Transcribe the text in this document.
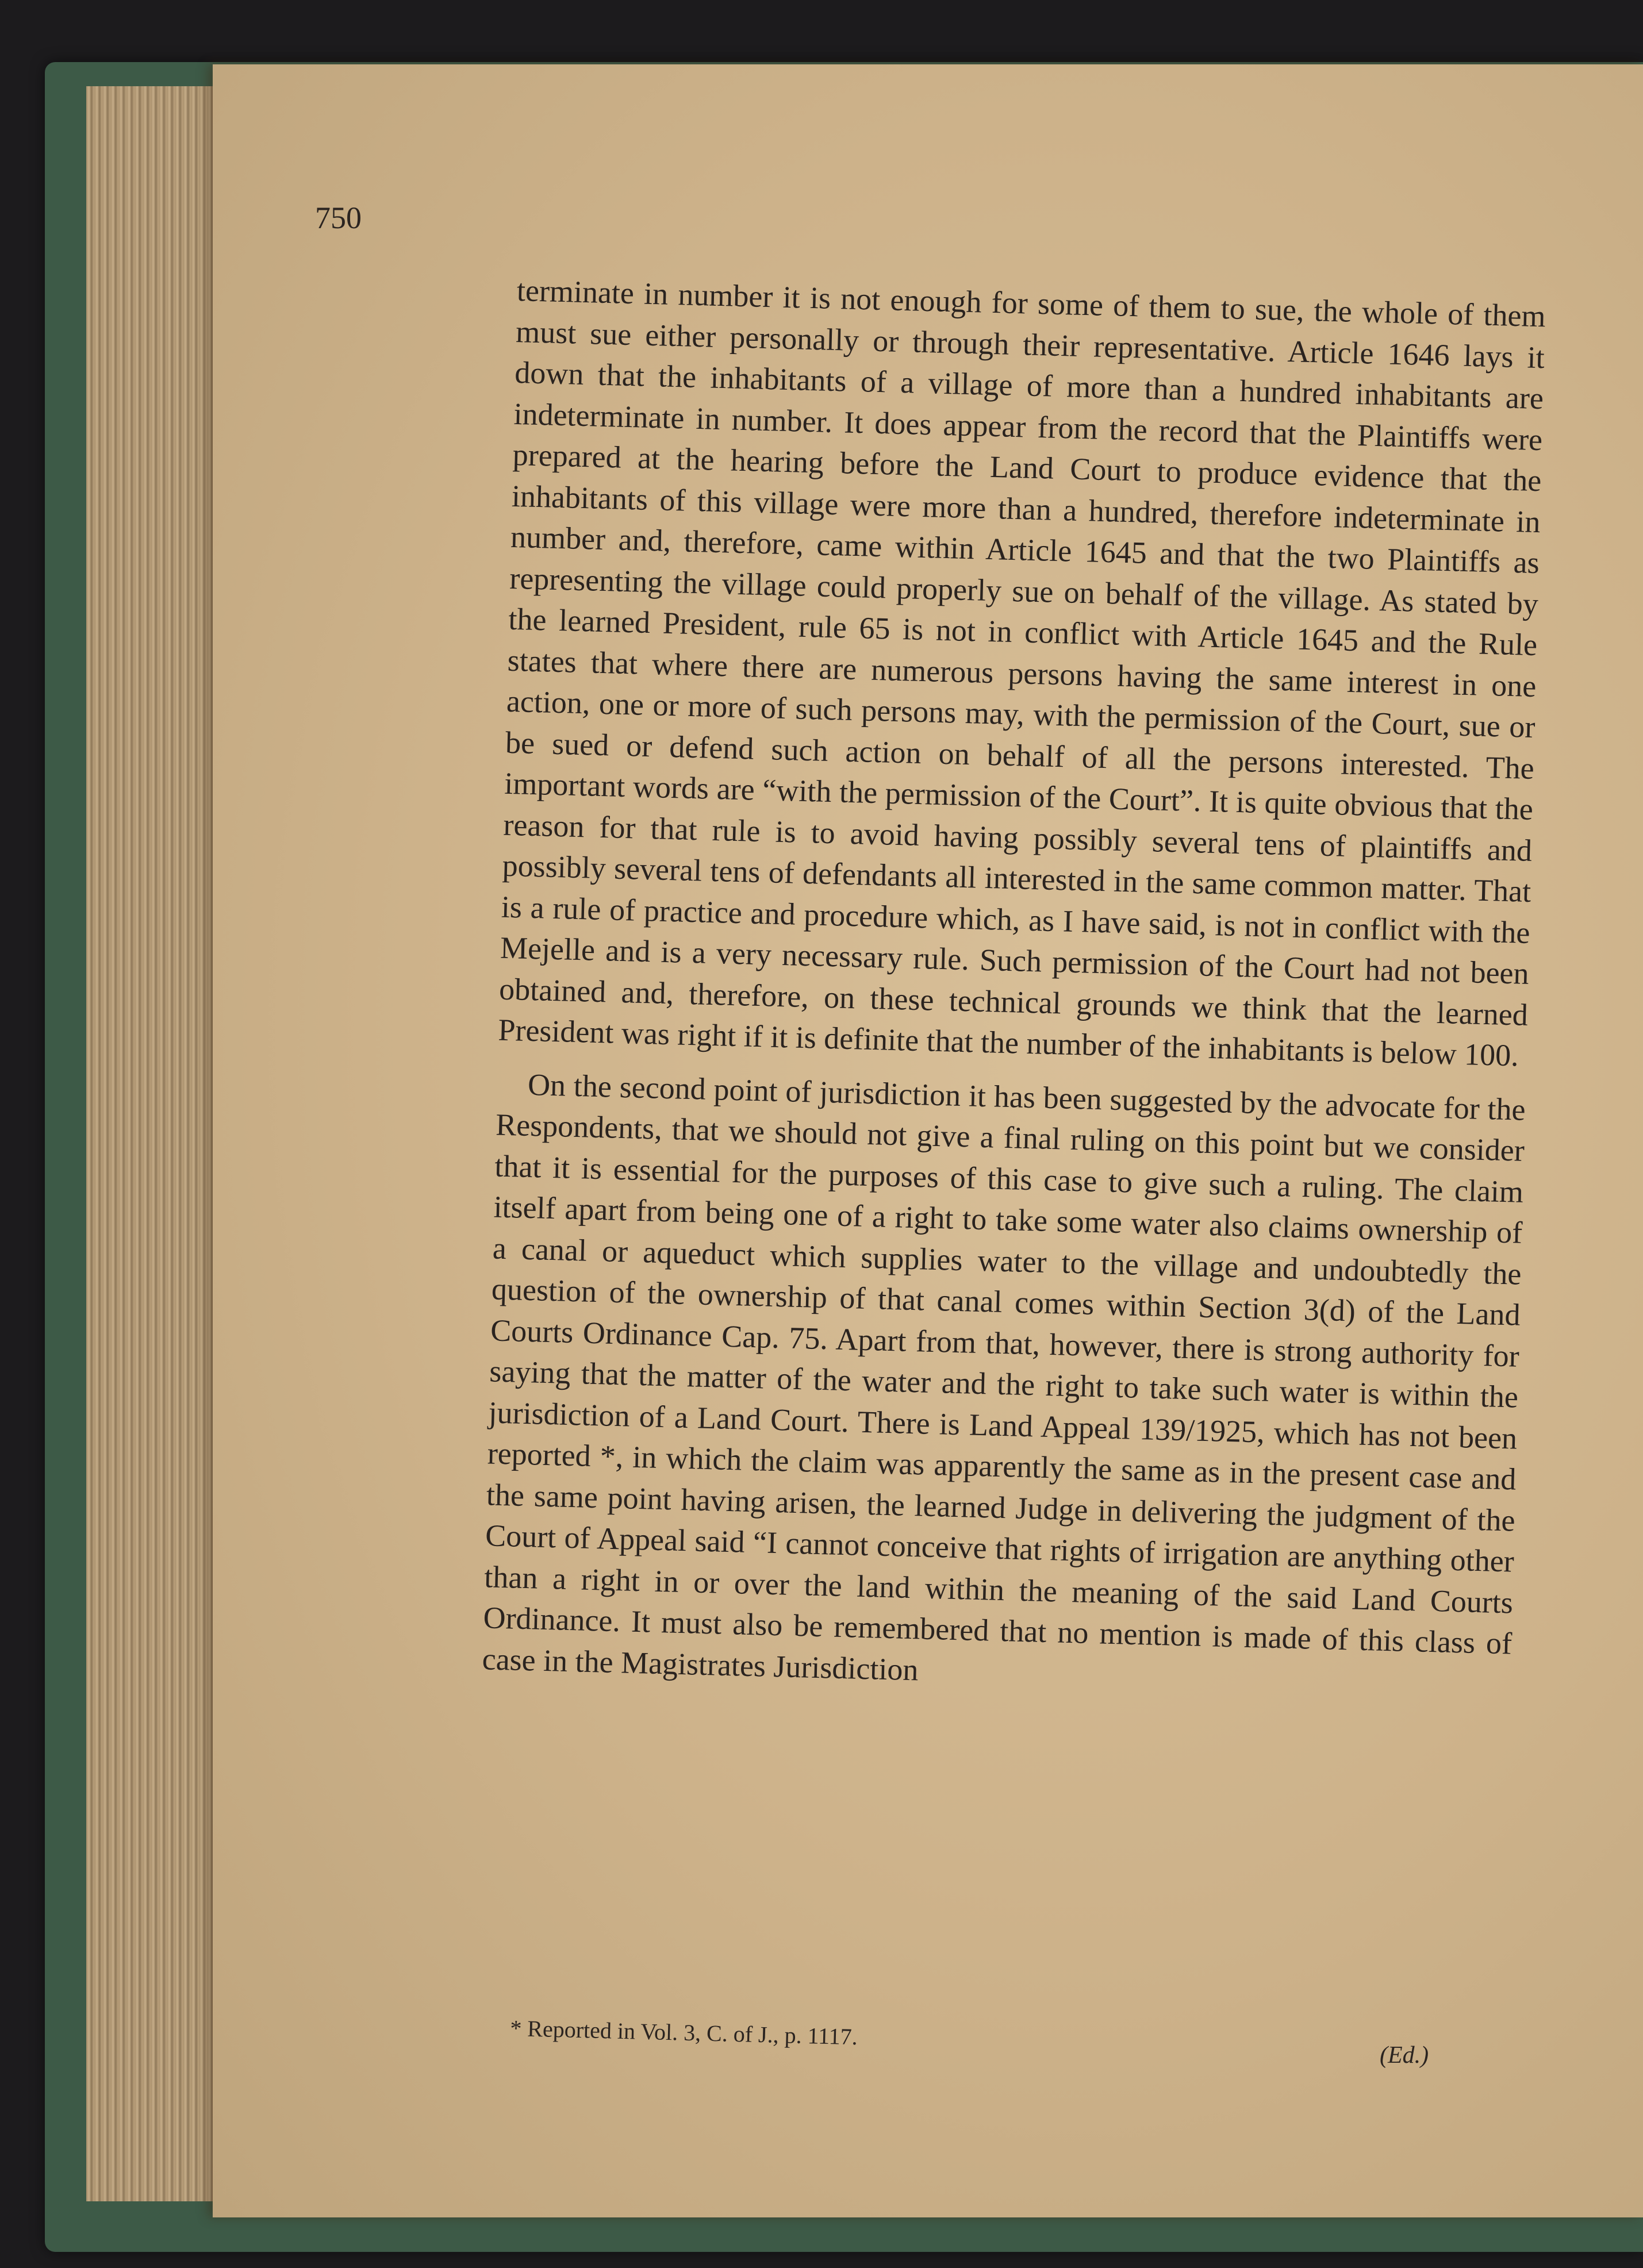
750

terminate in number it is not enough for some of them to sue, the whole of them must sue either personally or through their representative. Article 1646 lays it down that the inhabitants of a village of more than a hundred inhabitants are indeterminate in number. It does appear from the record that the Plaintiffs were prepared at the hearing before the Land Court to produce evidence that the inhabitants of this village were more than a hundred, therefore indeterminate in number and, therefore, came within Article 1645 and that the two Plaintiffs as representing the village could properly sue on behalf of the village. As stated by the learned President, rule 65 is not in conflict with Article 1645 and the Rule states that where there are numerous persons having the same interest in one action, one or more of such persons may, with the permission of the Court, sue or be sued or defend such action on behalf of all the persons interested. The important words are “with the permission of the Court”. It is quite obvious that the reason for that rule is to avoid having possibly several tens of plaintiffs and possibly several tens of defendants all interested in the same common matter. That is a rule of practice and procedure which, as I have said, is not in conflict with the Mejelle and is a very necessary rule. Such permission of the Court had not been obtained and, therefore, on these technical grounds we think that the learned President was right if it is definite that the number of the inhabitants is below 100.

On the second point of jurisdiction it has been suggested by the advocate for the Respondents, that we should not give a final ruling on this point but we consider that it is essential for the purposes of this case to give such a ruling. The claim itself apart from being one of a right to take some water also claims ownership of a canal or aqueduct which supplies water to the village and undoubtedly the question of the ownership of that canal comes within Section 3(d) of the Land Courts Ordinance Cap. 75. Apart from that, however, there is strong authority for saying that the matter of the water and the right to take such water is within the jurisdiction of a Land Court. There is Land Appeal 139/1925, which has not been reported *, in which the claim was apparently the same as in the present case and the same point having arisen, the learned Judge in delivering the judgment of the Court of Appeal said “I cannot conceive that rights of irrigation are anything other than a right in or over the land within the meaning of the said Land Courts Ordinance. It must also be remembered that no mention is made of this class of case in the Magistrates Jurisdiction

* Reported in Vol. 3, C. of J., p. 1117.
(Ed.)
